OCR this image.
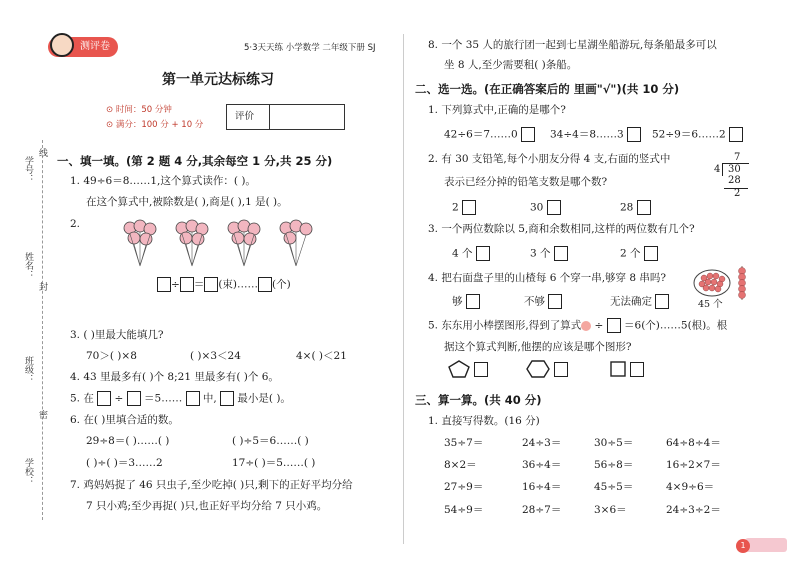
测评卷	5·3天天练 小学数学 二年级下册 SJ
第一单元达标练习
⊙ 时间：50 分钟
⊙ 满分：100 分 + 10 分
评价
学号：
姓名：
班级：
学校：
线
封
密
一、填一填。(第 2 题 4 分,其余每空 1 分,共 25 分)
1. 49÷6＝8……1,这个算式读作：( )。
在这个算式中,被除数是( ),商是( ),1 是( )。
2.
÷ ＝ (束)…… (个)
3. ( )里最大能填几?
70＞( )×8	( )×3＜24	4×( )＜21
4. 43 里最多有( )个 8;21 里最多有( )个 6。
5. 在  ÷  ＝5……  中,  最小是( )。
6. 在( )里填合适的数。
29÷8＝( )……( )	( )÷5＝6……( )
( )÷( )＝3……2	17÷( )＝5……( )
7. 鸡妈妈捉了 46 只虫子,至少吃掉( )只,剩下的正好平均分给
7 只小鸡;至少再捉( )只,也正好平均分给 7 只小鸡。
8. 一个 35 人的旅行团一起到七星湖坐船游玩,每条船最多可以
坐 8 人,至少需要租( )条船。
二、选一选。(在正确答案后的 里画"√")(共 10 分)
1. 下列算式中,正确的是哪个?
42÷6＝7……0	34÷4＝8……3	52÷9＝6……2
2. 有 30 支铅笔,每个小朋友分得 4 支,右面的竖式中
表示已经分掉的铅笔支数是哪个数?
7
4 30
28
2
2	30	28
3. 一个两位数除以 5,商和余数相同,这样的两位数有几个?
4 个	3 个	2 个
4. 把右面盘子里的山楂每 6 个穿一串,够穿 8 串吗?
够	不够	无法确定	45 个
5. 东东用小棒摆图形,得到了算式 ÷  ＝6(个)……5(根)。根
据这个算式判断,他摆的应该是哪个图形?
三、算一算。(共 40 分)
1. 直接写得数。(16 分)
35÷7＝	24÷3＝	30÷5＝	64÷8÷4＝
8×2＝	36÷4＝	56÷8＝	16÷2×7＝
27÷9＝	16÷4＝	45÷5＝	4×9÷6＝
54÷9＝	28÷7＝	3×6＝	24÷3÷2＝
1
